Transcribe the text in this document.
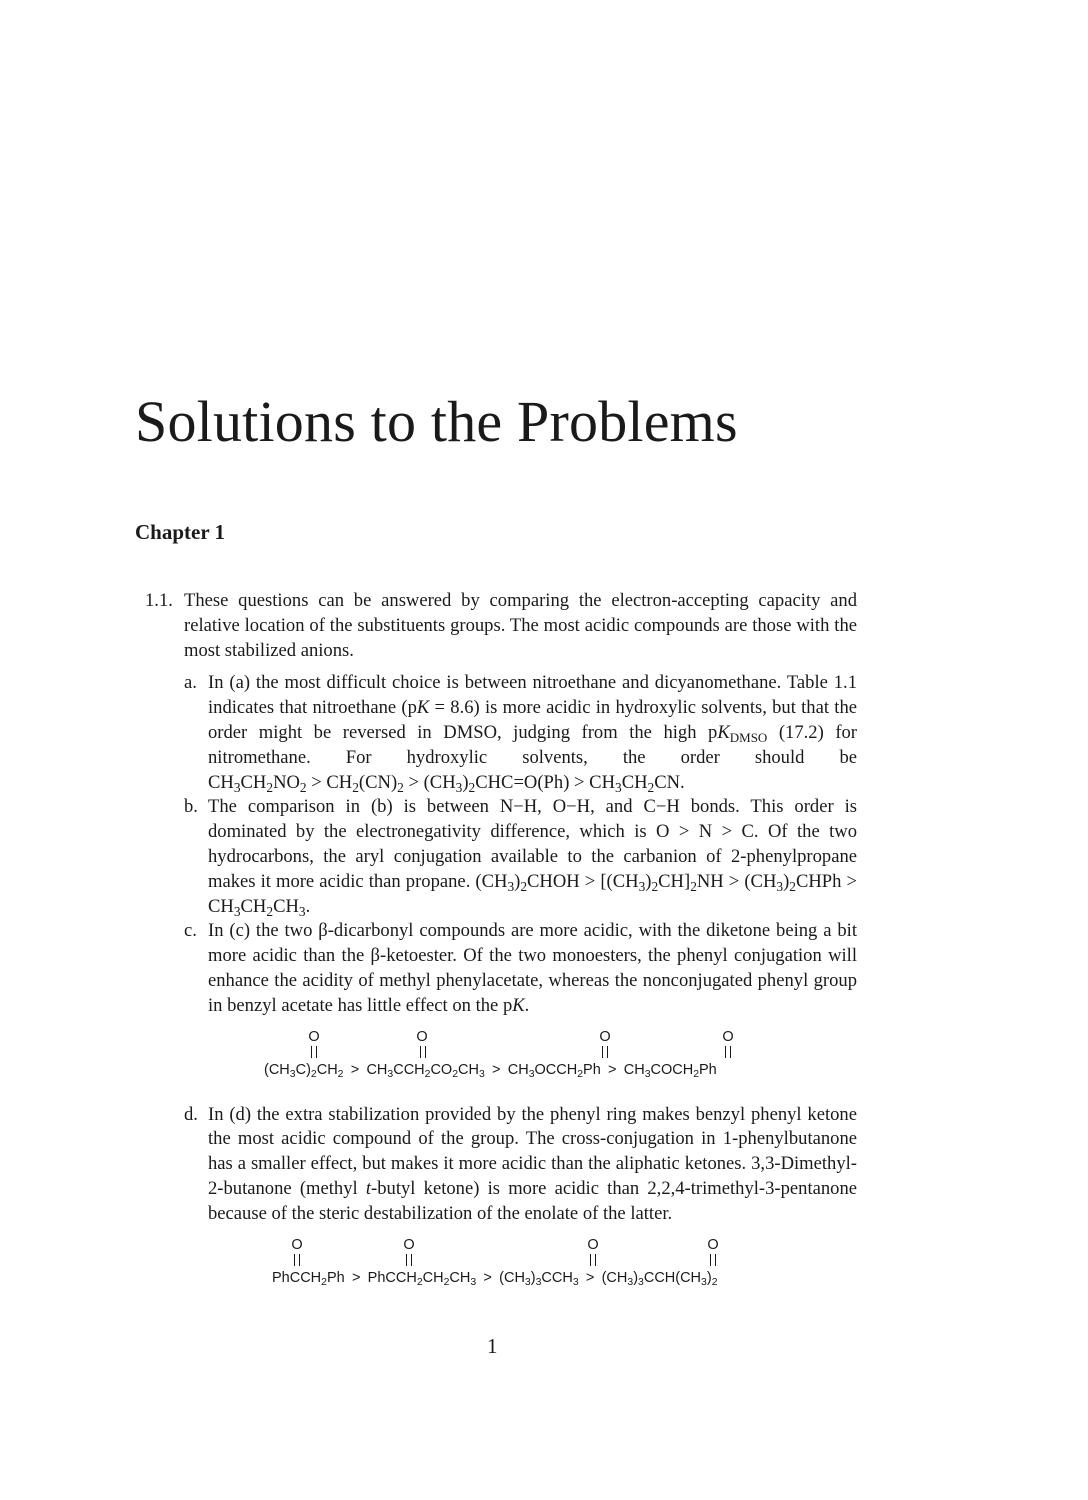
Solutions to the Problems
Chapter 1
1.1. These questions can be answered by comparing the electron-accepting capacity and relative location of the substituents groups. The most acidic compounds are those with the most stabilized anions.
a. In (a) the most difficult choice is between nitroethane and dicyanomethane. Table 1.1 indicates that nitroethane (pK = 8.6) is more acidic in hydroxylic solvents, but that the order might be reversed in DMSO, judging from the high $pK_{DMSO}$ (17.2) for nitromethane. For hydroxylic solvents, the order should be $CH_3CH_2NO_2 > CH_2(CN)_2 > (CH_3)_2CHC=O(Ph) > CH_3CH_2CN$.
b. The comparison in (b) is between N−H, O−H, and C−H bonds. This order is dominated by the electronegativity difference, which is O > N > C. Of the two hydrocarbons, the aryl conjugation available to the carbanion of 2-phenylpropane makes it more acidic than propane. $(CH_3)_2CHOH > [(CH_3)_2CH]_2NH$ > $(CH_3)_2CHPh > CH_3CH_2CH_3$.
c. In (c) the two β-dicarbonyl compounds are more acidic, with the diketone being a bit more acidic than the β-ketoester. Of the two monoesters, the phenyl conjugation will enhance the acidity of methyl phenylacetate, whereas the nonconjugated phenyl group in benzyl acetate has little effect on the pK.
O	O	O	O
$(CH_3C)_2CH_2$ > $CH_3CCH_2CO_2CH_3$ > $CH_3OCCH_2Ph$ > $CH_3COCH_2Ph$
d. In (d) the extra stabilization provided by the phenyl ring makes benzyl phenyl ketone the most acidic compound of the group. The cross-conjugation in 1-phenylbutanone has a smaller effect, but makes it more acidic than the aliphatic ketones. 3,3-Dimethyl-2-butanone (methyl t-butyl ketone) is more acidic than 2,2,4-trimethyl-3-pentanone because of the steric destabilization of the enolate of the latter.
O	O	O	O
PhCCH$_2$Ph > $PhCCH_2CH_2CH_3$ > $(CH_3)_3CCH_3$ > $(CH_3)_3CCH(CH_3)_2$
1
